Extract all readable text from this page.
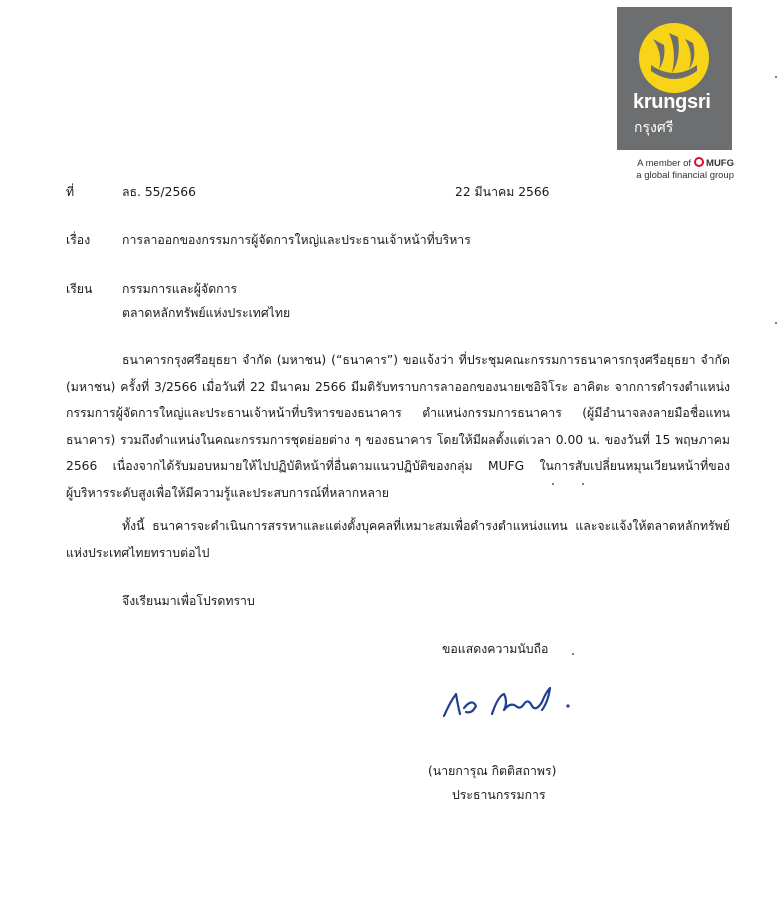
krungsri
กรุงศรี
A member of MUFG
a global financial group
ที่	ลธ. 55/2566	22 มีนาคม 2566
เรื่อง	การลาออกของกรรมการผู้จัดการใหญ่และประธานเจ้าหน้าที่บริหาร
เรียน กรรมการและผู้จัดการ
ตลาดหลักทรัพย์แห่งประเทศไทย
ธนาคารกรุงศรีอยุธยา จำกัด (มหาชน) (“ธนาคาร”) ขอแจ้งว่า ที่ประชุมคณะกรรมการธนาคารกรุงศรีอยุธยา จำกัด
(มหาชน) ครั้งที่ 3/2566 เมื่อวันที่ 22 มีนาคม 2566 มีมติรับทราบการลาออกของนายเซอิจิโระ อาคิตะ จากการดำรงตำแหน่ง
กรรมการผู้จัดการใหญ่และประธานเจ้าหน้าที่บริหารของธนาคาร ตำแหน่งกรรมการธนาคาร (ผู้มีอำนาจลงลายมือชื่อแทน
ธนาคาร) รวมถึงตำแหน่งในคณะกรรมการชุดย่อยต่าง ๆ ของธนาคาร โดยให้มีผลตั้งแต่เวลา 0.00 น. ของวันที่ 15 พฤษภาคม
2566 เนื่องจากได้รับมอบหมายให้ไปปฏิบัติหน้าที่อื่นตามแนวปฏิบัติของกลุ่ม MUFG ในการสับเปลี่ยนหมุนเวียนหน้าที่ของ
ผู้บริหารระดับสูงเพื่อให้มีความรู้และประสบการณ์ที่หลากหลาย
ทั้งนี้ ธนาคารจะดำเนินการสรรหาและแต่งตั้งบุคคลที่เหมาะสมเพื่อดำรงตำแหน่งแทน และจะแจ้งให้ตลาดหลักทรัพย์
แห่งประเทศไทยทราบต่อไป
จึงเรียนมาเพื่อโปรดทราบ
ขอแสดงความนับถือ
(นายการุณ กิตติสถาพร)
ประธานกรรมการ
